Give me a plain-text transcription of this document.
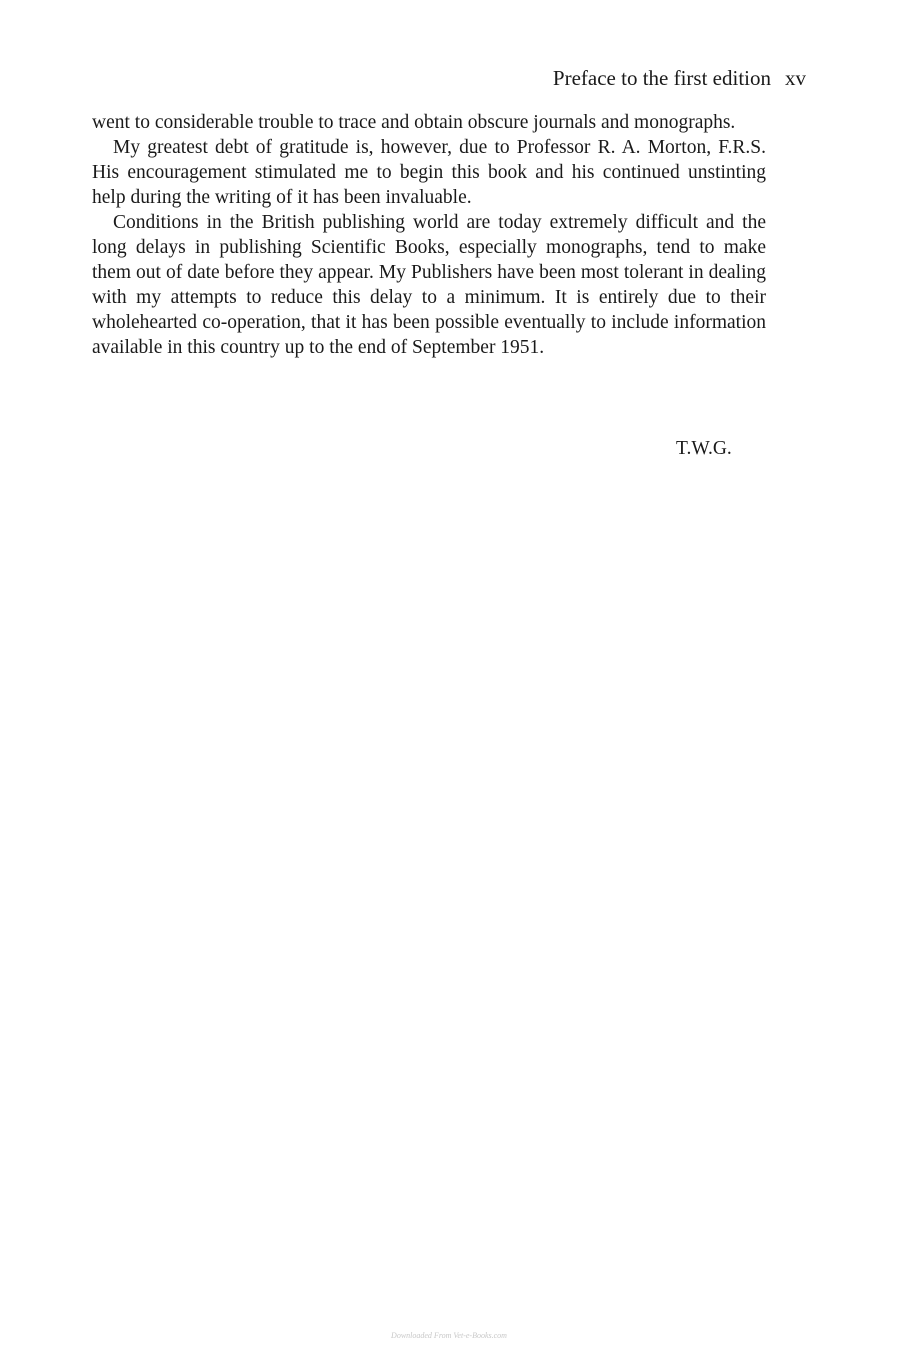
Preface to the first edition xv

went to considerable trouble to trace and obtain obscure journals and monographs.

My greatest debt of gratitude is, however, due to Professor R. A. Morton, F.R.S. His encouragement stimulated me to begin this book and his continued unstinting help during the writing of it has been invaluable.

Conditions in the British publishing world are today extremely difficult and the long delays in publishing Scientific Books, especially monographs, tend to make them out of date before they appear. My Publishers have been most tolerant in dealing with my attempts to reduce this delay to a minimum. It is entirely due to their wholehearted co-operation, that it has been possible eventually to include information available in this country up to the end of September 1951.

T.W.G.
Downloaded From Vet-e-Books.com
